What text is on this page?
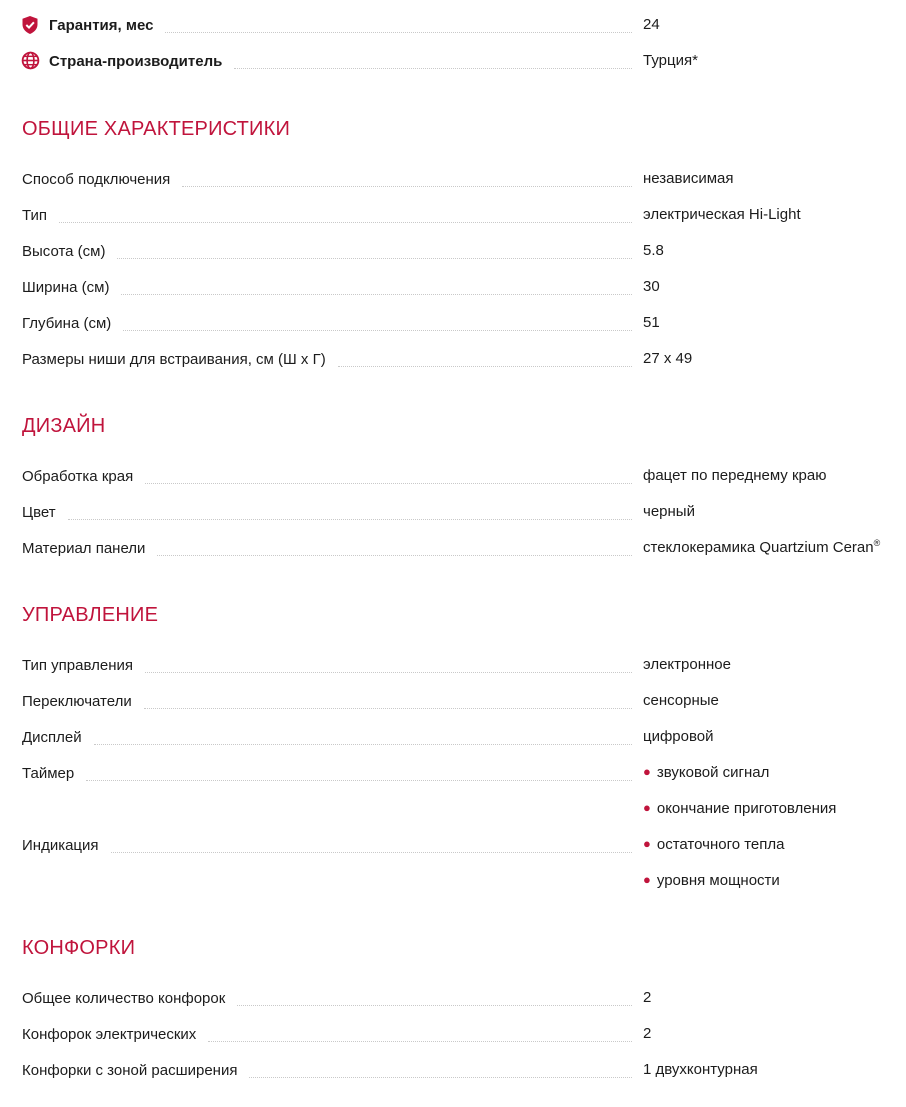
Гарантия, мес	24
Страна-производитель	Турция*
ОБЩИЕ ХАРАКТЕРИСТИКИ
Способ подключения	независимая
Тип	электрическая Hi-Light
Высота (см)	5.8
Ширина (см)	30
Глубина (см)	51
Размеры ниши для встраивания, см (Ш x Г)	27 x 49
ДИЗАЙН
Обработка края	фацет по переднему краю
Цвет	черный
Материал панели	стеклокерамика Quartzium Ceran®
УПРАВЛЕНИЕ
Тип управления	электронное
Переключатели	сенсорные
Дисплей	цифровой
Таймер	● звуковой сигнал
● окончание приготовления
Индикация	● остаточного тепла
● уровня мощности
КОНФОРКИ
Общее количество конфорок	2
Конфорок электрических	2
Конфорки с зоной расширения	1 двухконтурная
